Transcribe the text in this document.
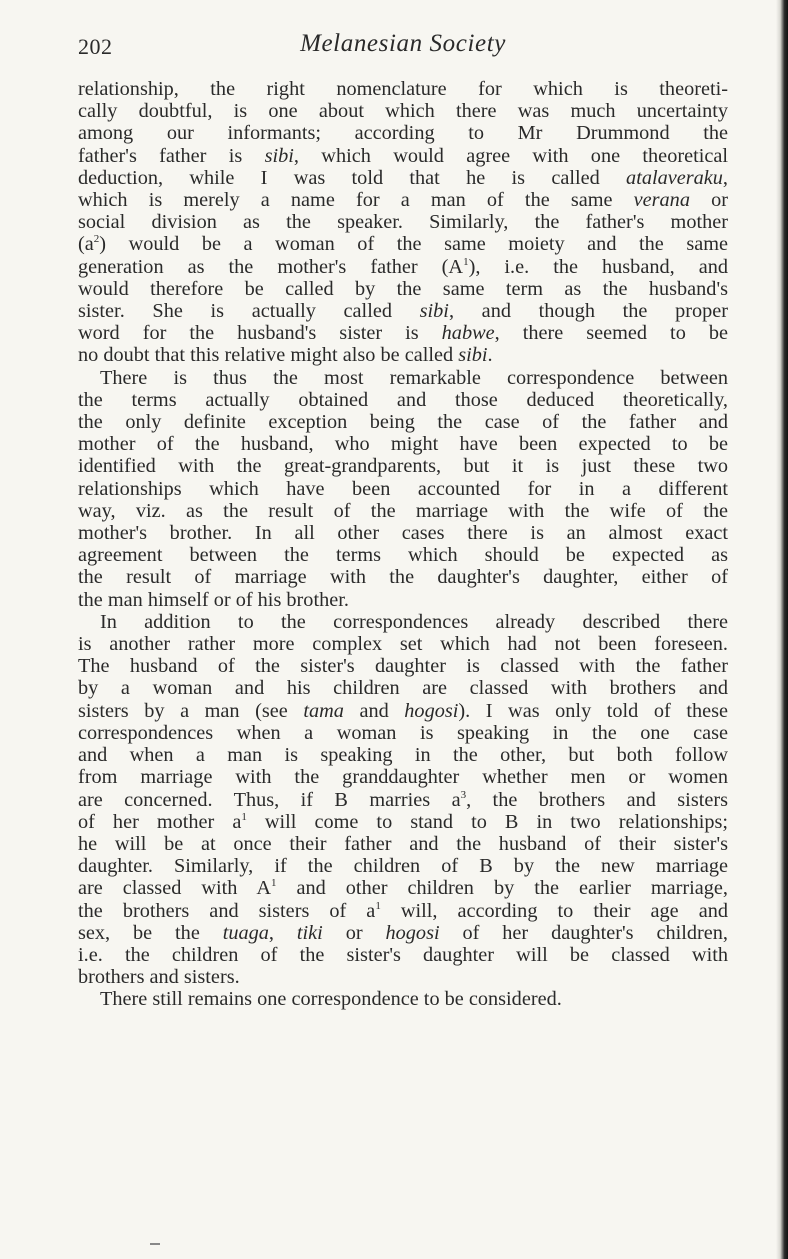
202	Melanesian Society

relationship, the right nomenclature for which is theoreti-
cally doubtful, is one about which there was much uncertainty
among our informants; according to Mr Drummond the
father's father is sibi, which would agree with one theoretical
deduction, while I was told that he is called atalaveraku,
which is merely a name for a man of the same verana or
social division as the speaker. Similarly, the father's mother
$(a^2)$ would be a woman of the same moiety and the same
generation as the mother's father $(A^1)$, i.e. the husband, and
would therefore be called by the same term as the husband's
sister. She is actually called sibi, and though the proper
word for the husband's sister is habwe, there seemed to be
no doubt that this relative might also be called sibi.

There is thus the most remarkable correspondence between
the terms actually obtained and those deduced theoretically,
the only definite exception being the case of the father and
mother of the husband, who might have been expected to be
identified with the great-grandparents, but it is just these two
relationships which have been accounted for in a different
way, viz. as the result of the marriage with the wife of the
mother's brother. In all other cases there is an almost exact
agreement between the terms which should be expected as
the result of marriage with the daughter's daughter, either of
the man himself or of his brother.

In addition to the correspondences already described there
is another rather more complex set which had not been foreseen.
The husband of the sister's daughter is classed with the father
by a woman and his children are classed with brothers and
sisters by a man (see tama and hogosi). I was only told of these
correspondences when a woman is speaking in the one case
and when a man is speaking in the other, but both follow
from marriage with the granddaughter whether men or women
are concerned. Thus, if B marries $a^3$, the brothers and sisters
of her mother $a^1$ will come to stand to B in two relationships;
he will be at once their father and the husband of their sister's
daughter. Similarly, if the children of B by the new marriage
are classed with $A^1$ and other children by the earlier marriage,
the brothers and sisters of $a^1$ will, according to their age and
sex, be the tuaga, tiki or hogosi of her daughter's children,
i.e. the children of the sister's daughter will be classed with
brothers and sisters.

There still remains one correspondence to be considered.
